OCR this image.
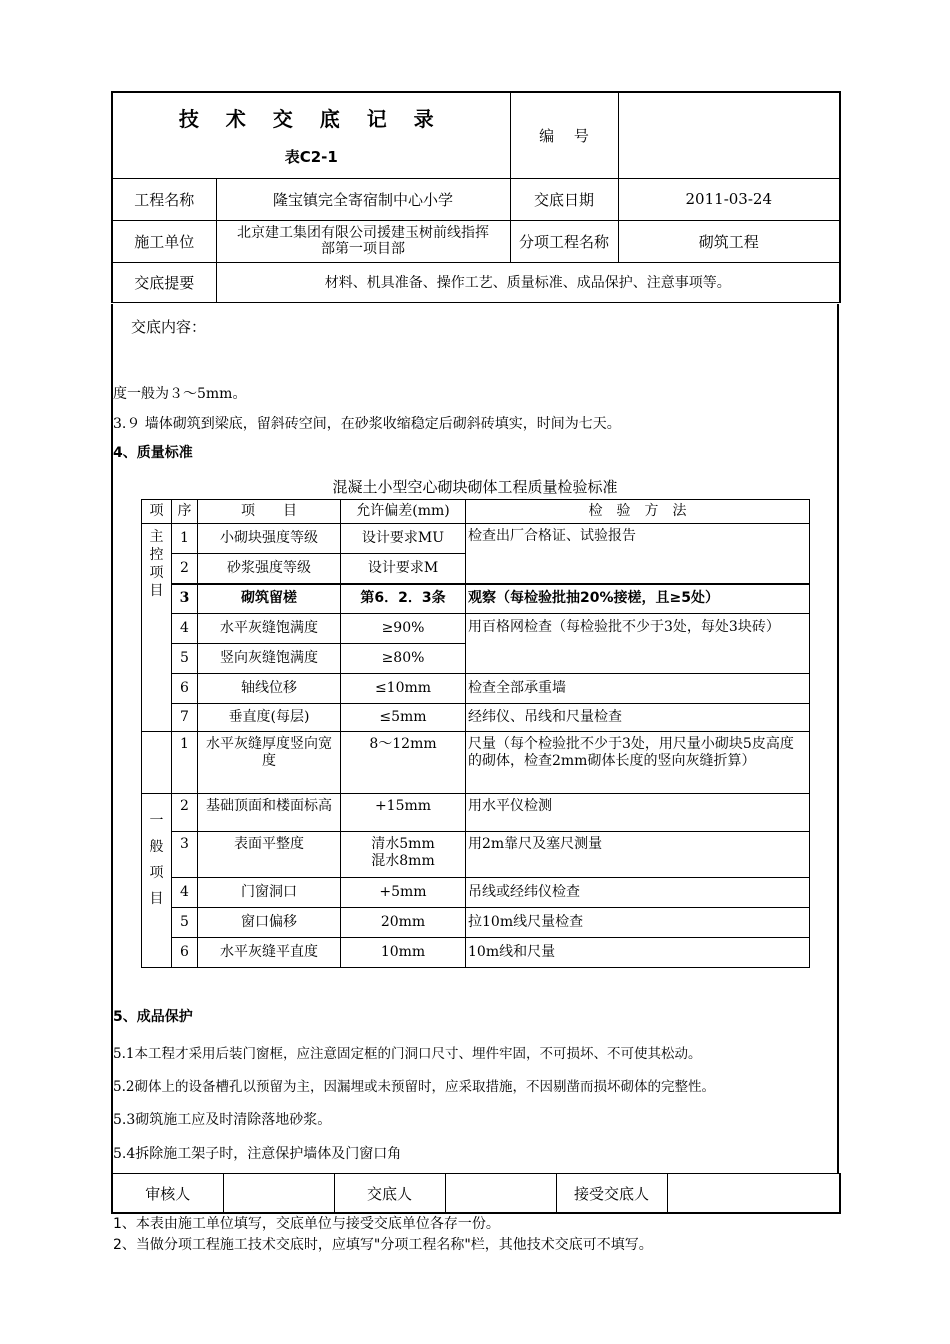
技 术 交 底 记 录
表C2-1		编　 号	
工程名称	隆宝镇完全寄宿制中心小学	交底日期	2011-03-24
施工单位	北京建工集团有限公司援建玉树前线指挥部第一项目部	分项工程名称	砌筑工程
交底提要	材料、机具准备、操作工艺、质量标准、成品保护、注意事项等。		
交底内容：
度一般为３～5mm。
3.９ 墙体砌筑到梁底，留斜砖空间，在砂浆收缩稳定后砌斜砖填实，时间为七天。
4、质量标准
混凝土小型空心砌块砌体工程质量检验标准
项	序	项　　目	允许偏差(mm)	检　验　方　法
主控项目	1	小砌块强度等级	设计要求MU	检查出厂合格证、试验报告
	2	砂浆强度等级	设计要求M	
	3	砌筑留槎	第6．2．3条	观察（每检验批抽20%接槎，且≥5处）
	4	水平灰缝饱满度	≥90%	用百格网检查（每检验批不少于3处，每处3块砖）
	5	竖向灰缝饱满度	≥80%	
	6	轴线位移	≤10mm	检查全部承重墙
	7	垂直度(每层)	≤5mm	经纬仪、吊线和尺量检查
	1	水平灰缝厚度竖向宽度	8～12mm	尺量（每个检验批不少于3处，用尺量小砌块5皮高度的砌体，检查2mm砌体长度的竖向灰缝折算）
一般 项 目	2	基础顶面和楼面标高	+15mm	用水平仪检测
	3	表面平整度	清水5mm
混水8mm	用2m靠尺及塞尺测量
	4	门窗洞口	+5mm	吊线或经纬仪检查
	5	窗口偏移	20mm	拉10m线尺量检查
	6	水平灰缝平直度	10mm	10m线和尺量
5、成品保护
5.1本工程才采用后装门窗框，应注意固定框的门洞口尺寸、埋件牢固，不可损坏、不可使其松动。
5.2砌体上的设备槽孔以预留为主，因漏埋或未预留时，应采取措施，不因剔凿而损坏砌体的完整性。
5.3砌筑施工应及时清除落地砂浆。
5.4拆除施工架子时，注意保护墙体及门窗口角
审核人		交底人		接受交底人	
1、本表由施工单位填写，交底单位与接受交底单位各存一份。
2、当做分项工程施工技术交底时，应填写"分项工程名称"栏，其他技术交底可不填写。
